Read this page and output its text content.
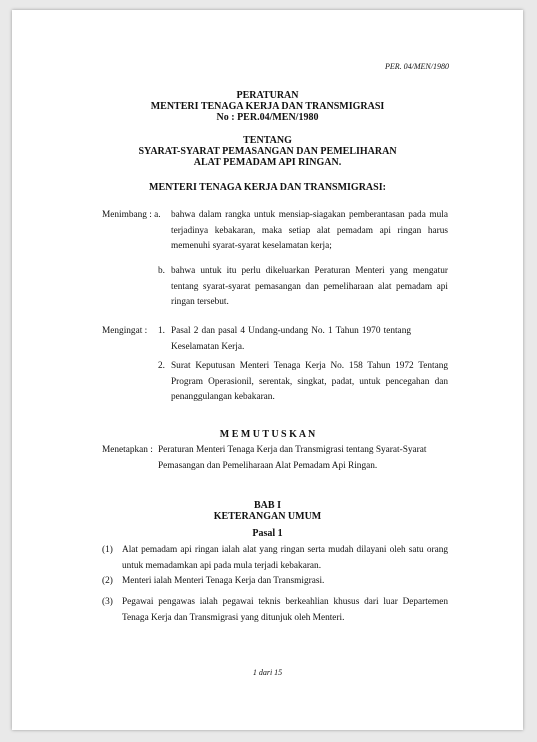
PER. 04/MEN/1980
PERATURAN
MENTERI TENAGA KERJA DAN TRANSMIGRASI
No : PER.04/MEN/1980
TENTANG
SYARAT-SYARAT PEMASANGAN DAN PEMELIHARAN
ALAT PEMADAM API RINGAN.
MENTERI TENAGA KERJA DAN TRANSMIGRASI:
Menimbang : a. bahwa dalam rangka untuk mensiap-siagakan pemberantasan pada mula terjadinya kebakaran, maka setiap alat pemadam api ringan harus memenuhi syarat-syarat keselamatan kerja;
b. bahwa untuk itu perlu dikeluarkan Peraturan Menteri yang mengatur tentang syarat-syarat pemasangan dan pemeliharaan alat pemadam api ringan tersebut.
Mengingat : 1. Pasal 2 dan pasal 4 Undang-undang No. 1 Tahun 1970 tentang Keselamatan Kerja.
2. Surat Keputusan Menteri Tenaga Kerja No. 158 Tahun 1972 Tentang Program Operasionil, serentak, singkat, padat, untuk pencegahan dan penanggulangan kebakaran.
M E M U T U S K A N
Menetapkan : Peraturan Menteri Tenaga Kerja dan Transmigrasi tentang Syarat-Syarat Pemasangan dan Pemeliharaan Alat Pemadam Api Ringan.
BAB I
KETERANGAN UMUM
Pasal 1
(1) Alat pemadam api ringan ialah alat yang ringan serta mudah dilayani oleh satu orang untuk memadamkan api pada mula terjadi kebakaran.
(2) Menteri ialah Menteri Tenaga Kerja dan Transmigrasi.
(3) Pegawai pengawas ialah pegawai teknis berkeahlian khusus dari luar Departemen Tenaga Kerja dan Transmigrasi yang ditunjuk oleh Menteri.
1 dari 15
